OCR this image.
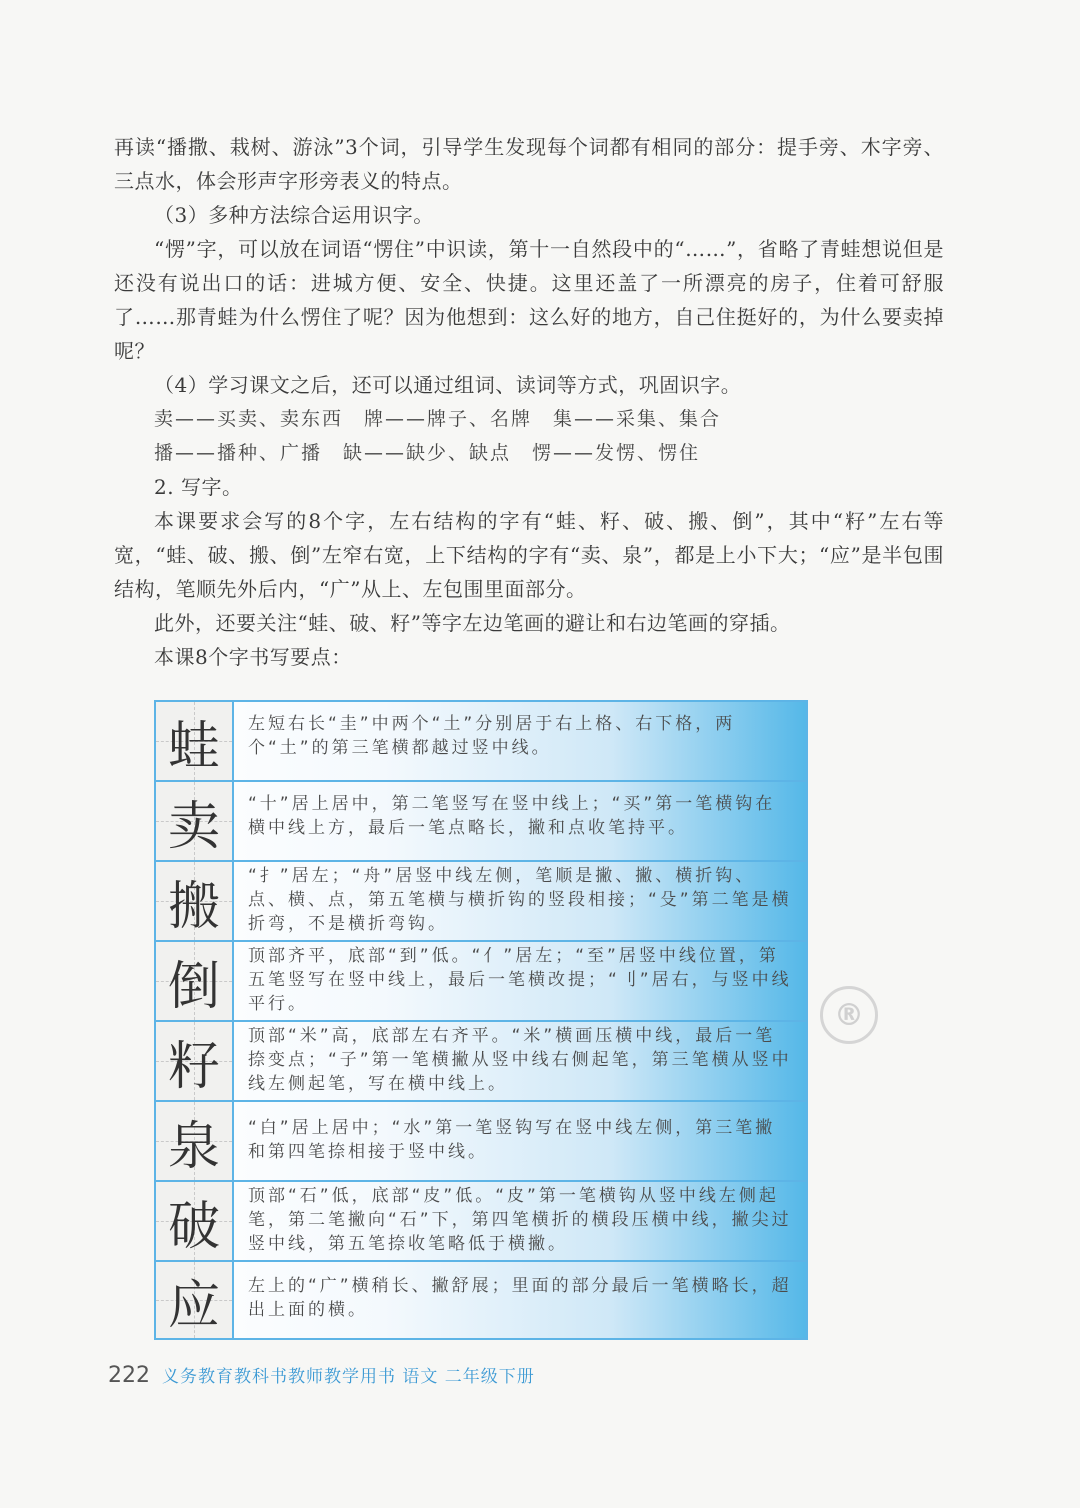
再读“播撒、栽树、游泳”3个词，引导学生发现每个词都有相同的部分：提手旁、木字旁、三点水，体会形声字形旁表义的特点。

（3）多种方法综合运用识字。

“愣”字，可以放在词语“愣住”中识读，第十一自然段中的“……”，省略了青蛙想说但是还没有说出口的话：进城方便、安全、快捷。这里还盖了一所漂亮的房子，住着可舒服了……那青蛙为什么愣住了呢？因为他想到：这么好的地方，自己住挺好的，为什么要卖掉呢？

（4）学习课文之后，还可以通过组词、读词等方式，巩固识字。

卖——买卖、卖东西　牌——牌子、名牌　集——采集、集合

播——播种、广播　缺——缺少、缺点　愣——发愣、愣住

2. 写字。

本课要求会写的8个字，左右结构的字有“蛙、籽、破、搬、倒”，其中“籽”左右等宽，“蛙、破、搬、倒”左窄右宽，上下结构的字有“卖、泉”，都是上小下大；“应”是半包围结构，笔顺先外后内，“广”从上、左包围里面部分。

此外，还要关注“蛙、破、籽”等字左边笔画的避让和右边笔画的穿插。

本课8个字书写要点：

蛙 左短右长“圭”中两个“土”分别居于右上格、右下格，两个“土”的第三笔横都越过竖中线。
卖 “十”居上居中，第二笔竖写在竖中线上；“买”第一笔横钩在横中线上方，最后一笔点略长，撇和点收笔持平。
搬
“扌”居左；“舟”居竖中线左侧，笔顺是撇、撇、横折钩、点、横、点，第五笔横与横折钩的竖段相接；“殳”第二笔是横折弯，不是横折弯钩。
倒
顶部齐平，底部“到”低。“亻”居左；“至”居竖中线位置，第五笔竖写在竖中线上，最后一笔横改提；“刂”居右，与竖中线平行。
籽
顶部“米”高，底部左右齐平。“米”横画压横中线，最后一笔捺变点；“子”第一笔横撇从竖中线右侧起笔，第三笔横从竖中线左侧起笔，写在横中线上。
泉 “白”居上居中；“水”第一笔竖钩写在竖中线左侧，第三笔撇和第四笔捺相接于竖中线。
破
顶部“石”低，底部“皮”低。“皮”第一笔横钩从竖中线左侧起笔，第二笔撇向“石”下，第四笔横折的横段压横中线，撇尖过竖中线，第五笔捺收笔略低于横撇。
应 左上的“广”横稍长、撇舒展；里面的部分最后一笔横略长，超出上面的横。
®
222 义务教育教科书教师教学用书 语文 二年级下册
